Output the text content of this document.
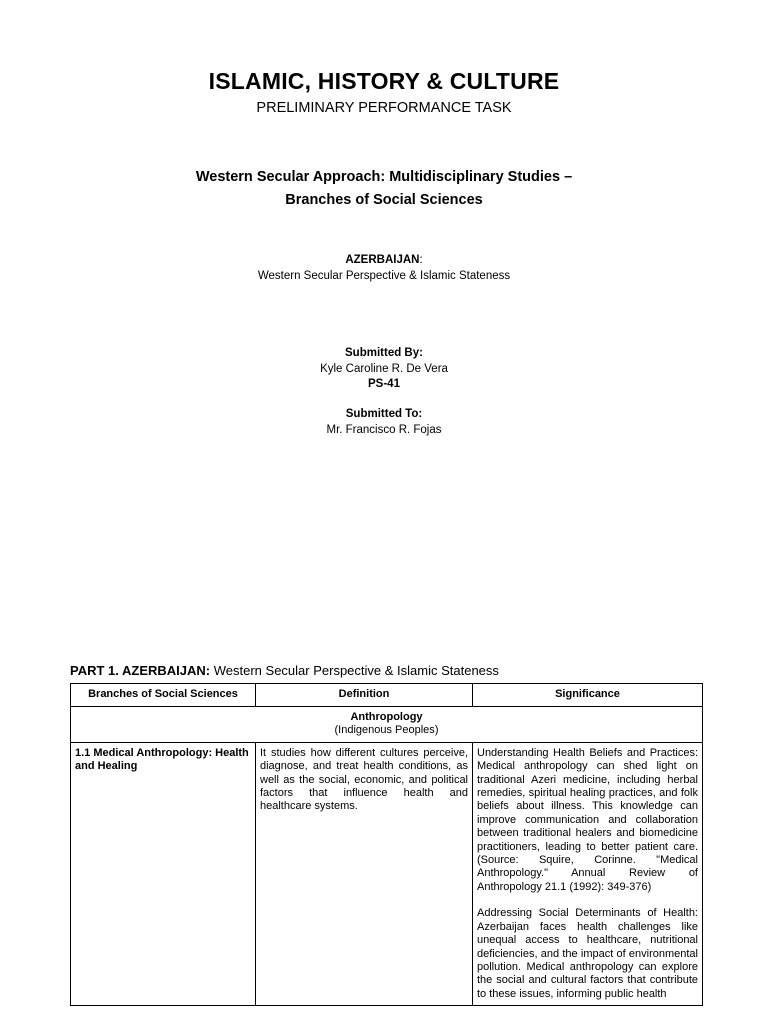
ISLAMIC, HISTORY & CULTURE
PRELIMINARY PERFORMANCE TASK
Western Secular Approach: Multidisciplinary Studies –
Branches of Social Sciences
AZERBAIJAN:
Western Secular Perspective & Islamic Stateness
Submitted By:
Kyle Caroline R. De Vera
PS-41
Submitted To:
Mr. Francisco R. Fojas
PART 1. AZERBAIJAN: Western Secular Perspective & Islamic Stateness
Branches of Social Sciences	Definition	Significance

Anthropology
(Indigenous Peoples)		

1.1 Medical Anthropology: Health and Healing	It studies how different cultures perceive, diagnose, and treat health conditions, as well as the social, economic, and political factors that influence health and healthcare systems.	Understanding Health Beliefs and Practices: Medical anthropology can shed light on traditional Azeri medicine, including herbal remedies, spiritual healing practices, and folk beliefs about illness. This knowledge can improve communication and collaboration between traditional healers and biomedicine practitioners, leading to better patient care. (Source: Squire, Corinne. "Medical Anthropology." Annual Review of Anthropology 21.1 (1992): 349-376)
Addressing Social Determinants of Health: Azerbaijan faces health challenges like unequal access to healthcare, nutritional deficiencies, and the impact of environmental pollution. Medical anthropology can explore the social and cultural factors that contribute to these issues, informing public health
